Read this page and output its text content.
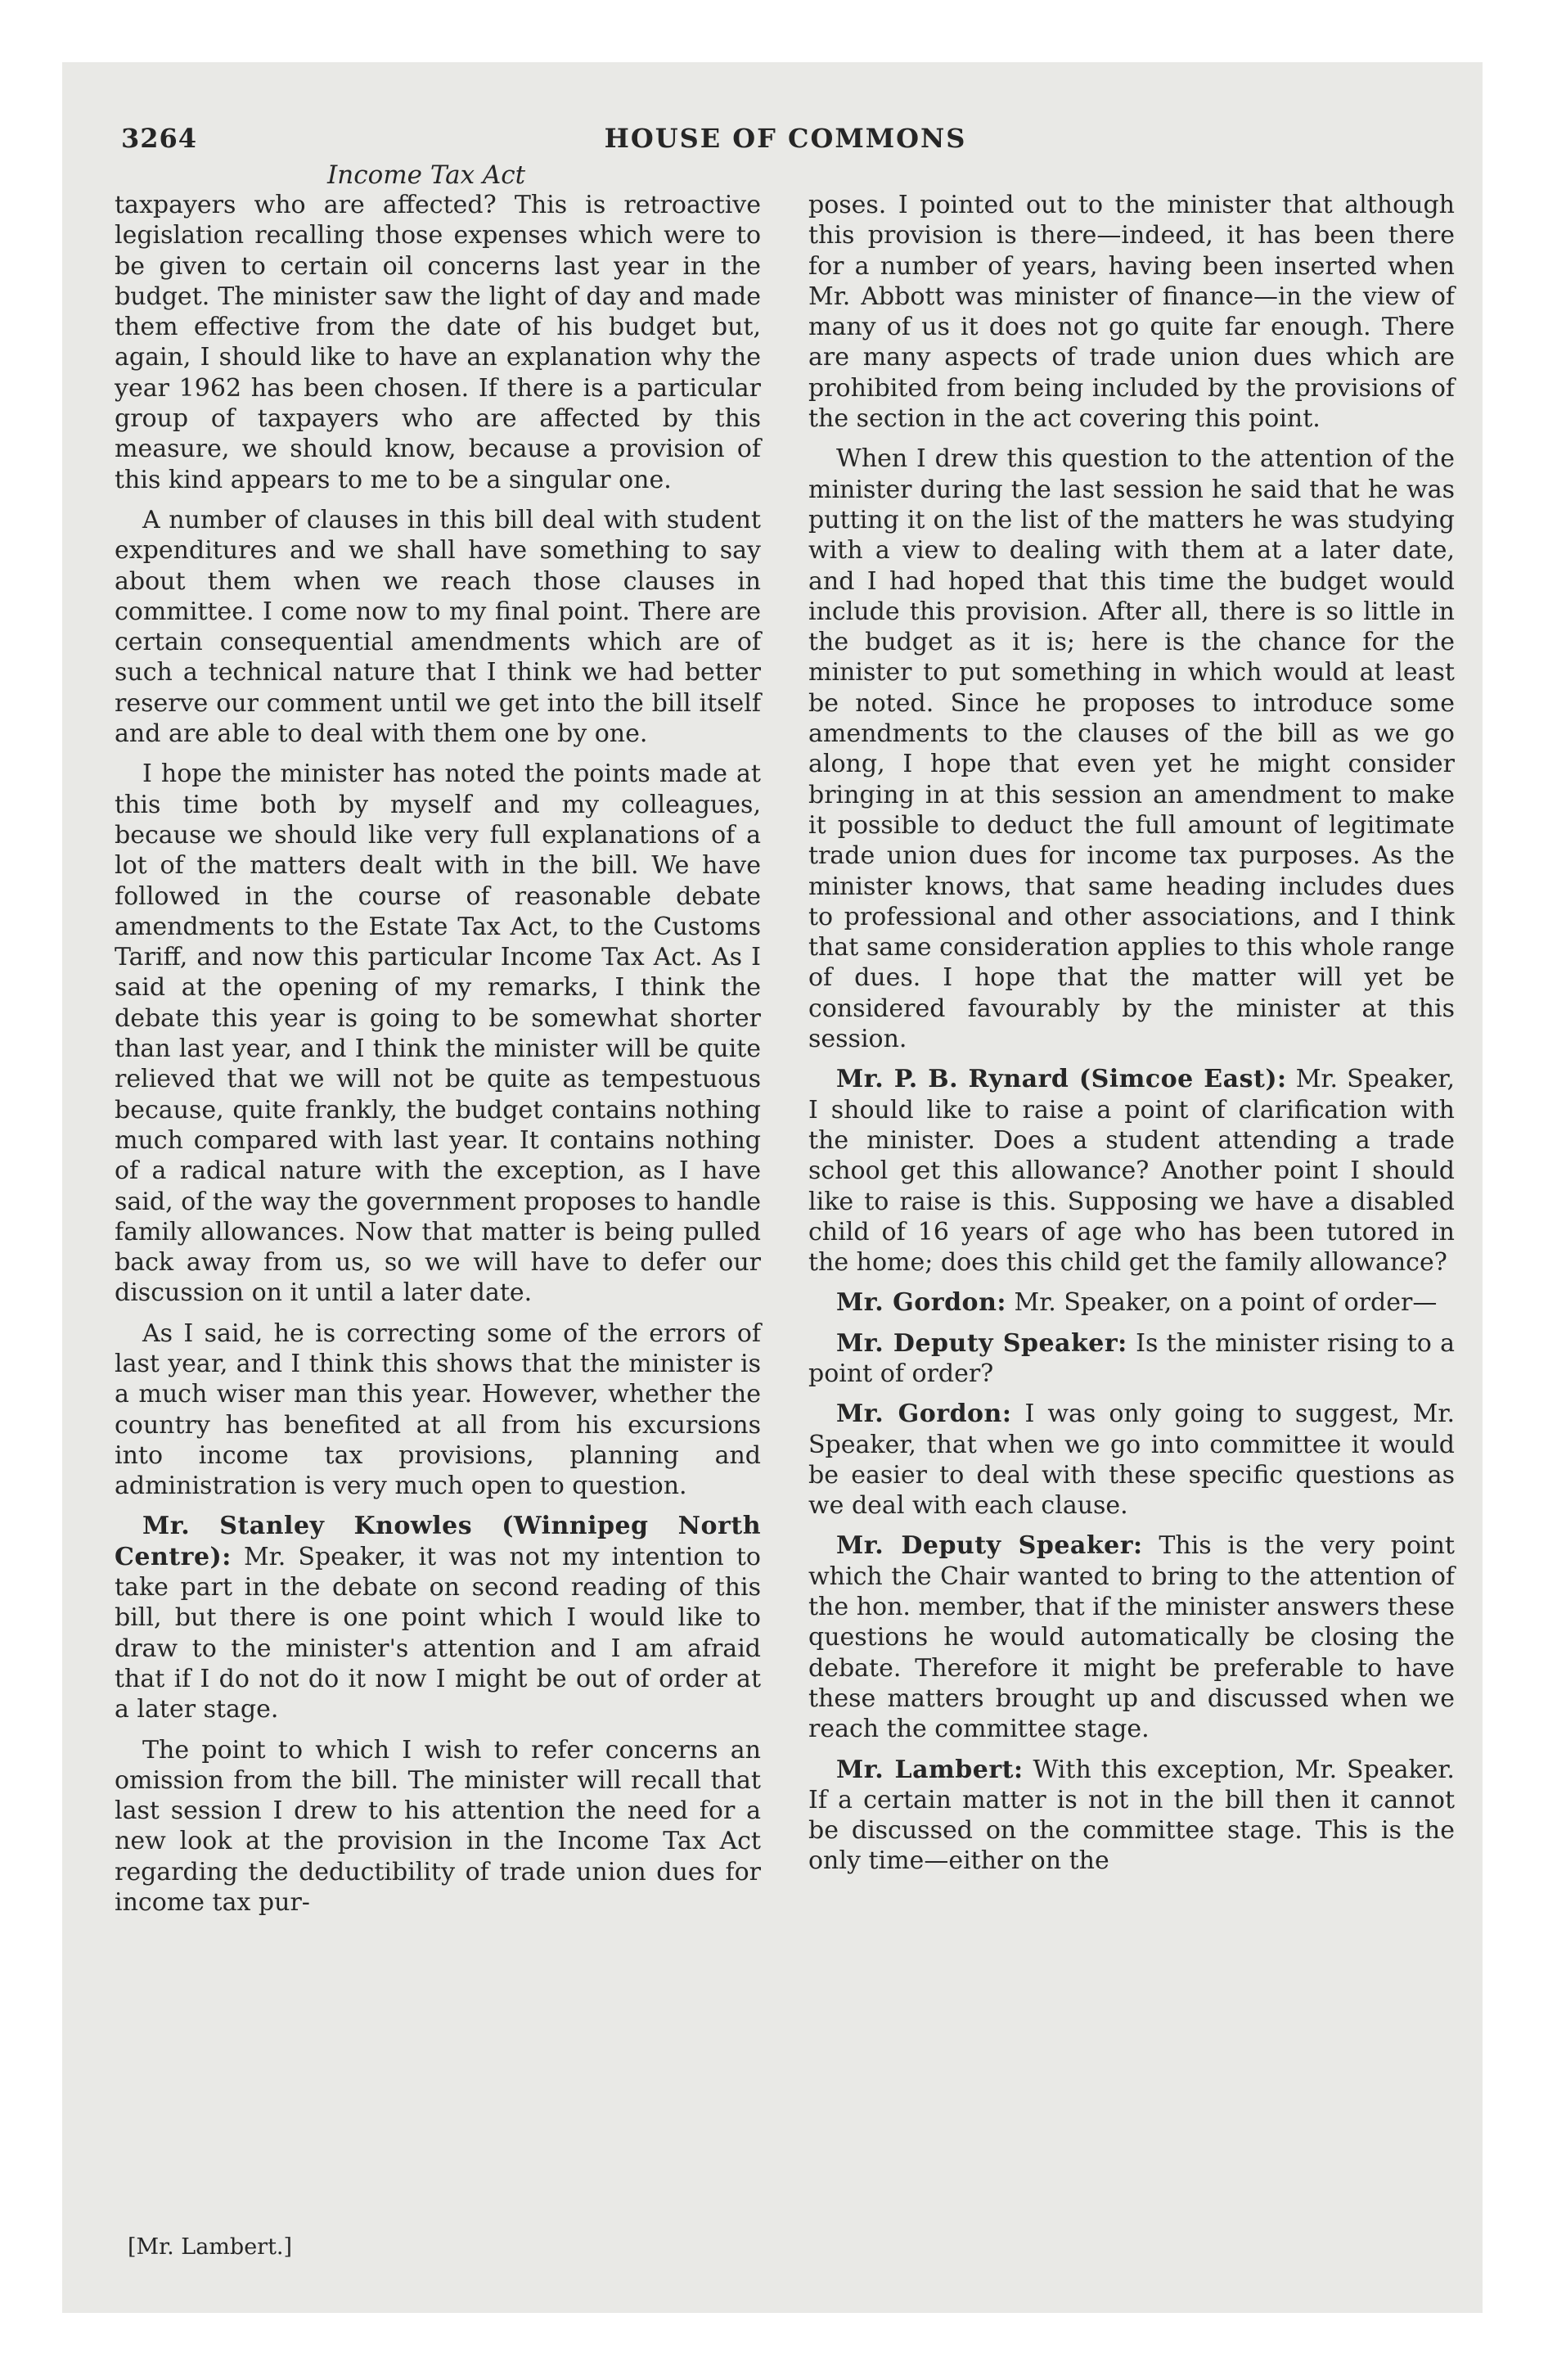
3264	HOUSE OF COMMONS
Income Tax Act

taxpayers who are affected? This is retroactive legislation recalling those expenses which were to be given to certain oil concerns last year in the budget. The minister saw the light of day and made them effective from the date of his budget but, again, I should like to have an explanation why the year 1962 has been chosen. If there is a particular group of taxpayers who are affected by this measure, we should know, because a provision of this kind appears to me to be a singular one.

A number of clauses in this bill deal with student expenditures and we shall have something to say about them when we reach those clauses in committee. I come now to my final point. There are certain consequential amendments which are of such a technical nature that I think we had better reserve our comment until we get into the bill itself and are able to deal with them one by one.

I hope the minister has noted the points made at this time both by myself and my colleagues, because we should like very full explanations of a lot of the matters dealt with in the bill. We have followed in the course of reasonable debate amendments to the Estate Tax Act, to the Customs Tariff, and now this particular Income Tax Act. As I said at the opening of my remarks, I think the debate this year is going to be somewhat shorter than last year, and I think the minister will be quite relieved that we will not be quite as tempestuous because, quite frankly, the budget contains nothing much compared with last year. It contains nothing of a radical nature with the exception, as I have said, of the way the government proposes to handle family allowances. Now that matter is being pulled back away from us, so we will have to defer our discussion on it until a later date.

As I said, he is correcting some of the errors of last year, and I think this shows that the minister is a much wiser man this year. However, whether the country has benefited at all from his excursions into income tax provisions, planning and administration is very much open to question.

Mr. Stanley Knowles (Winnipeg North Centre): Mr. Speaker, it was not my intention to take part in the debate on second reading of this bill, but there is one point which I would like to draw to the minister's attention and I am afraid that if I do not do it now I might be out of order at a later stage.

The point to which I wish to refer concerns an omission from the bill. The minister will recall that last session I drew to his attention the need for a new look at the provision in the Income Tax Act regarding the deductibility of trade union dues for income tax pur-

poses. I pointed out to the minister that although this provision is there—indeed, it has been there for a number of years, having been inserted when Mr. Abbott was minister of finance—in the view of many of us it does not go quite far enough. There are many aspects of trade union dues which are prohibited from being included by the provisions of the section in the act covering this point.

When I drew this question to the attention of the minister during the last session he said that he was putting it on the list of the matters he was studying with a view to dealing with them at a later date, and I had hoped that this time the budget would include this provision. After all, there is so little in the budget as it is; here is the chance for the minister to put something in which would at least be noted. Since he proposes to introduce some amendments to the clauses of the bill as we go along, I hope that even yet he might consider bringing in at this session an amendment to make it possible to deduct the full amount of legitimate trade union dues for income tax purposes. As the minister knows, that same heading includes dues to professional and other associations, and I think that same consideration applies to this whole range of dues. I hope that the matter will yet be considered favourably by the minister at this session.

Mr. P. B. Rynard (Simcoe East): Mr. Speaker, I should like to raise a point of clarification with the minister. Does a student attending a trade school get this allowance? Another point I should like to raise is this. Supposing we have a disabled child of 16 years of age who has been tutored in the home; does this child get the family allowance?

Mr. Gordon: Mr. Speaker, on a point of order—

Mr. Deputy Speaker: Is the minister rising to a point of order?

Mr. Gordon: I was only going to suggest, Mr. Speaker, that when we go into committee it would be easier to deal with these specific questions as we deal with each clause.

Mr. Deputy Speaker: This is the very point which the Chair wanted to bring to the attention of the hon. member, that if the minister answers these questions he would automatically be closing the debate. Therefore it might be preferable to have these matters brought up and discussed when we reach the committee stage.

Mr. Lambert: With this exception, Mr. Speaker. If a certain matter is not in the bill then it cannot be discussed on the committee stage. This is the only time—either on the

[Mr. Lambert.]
